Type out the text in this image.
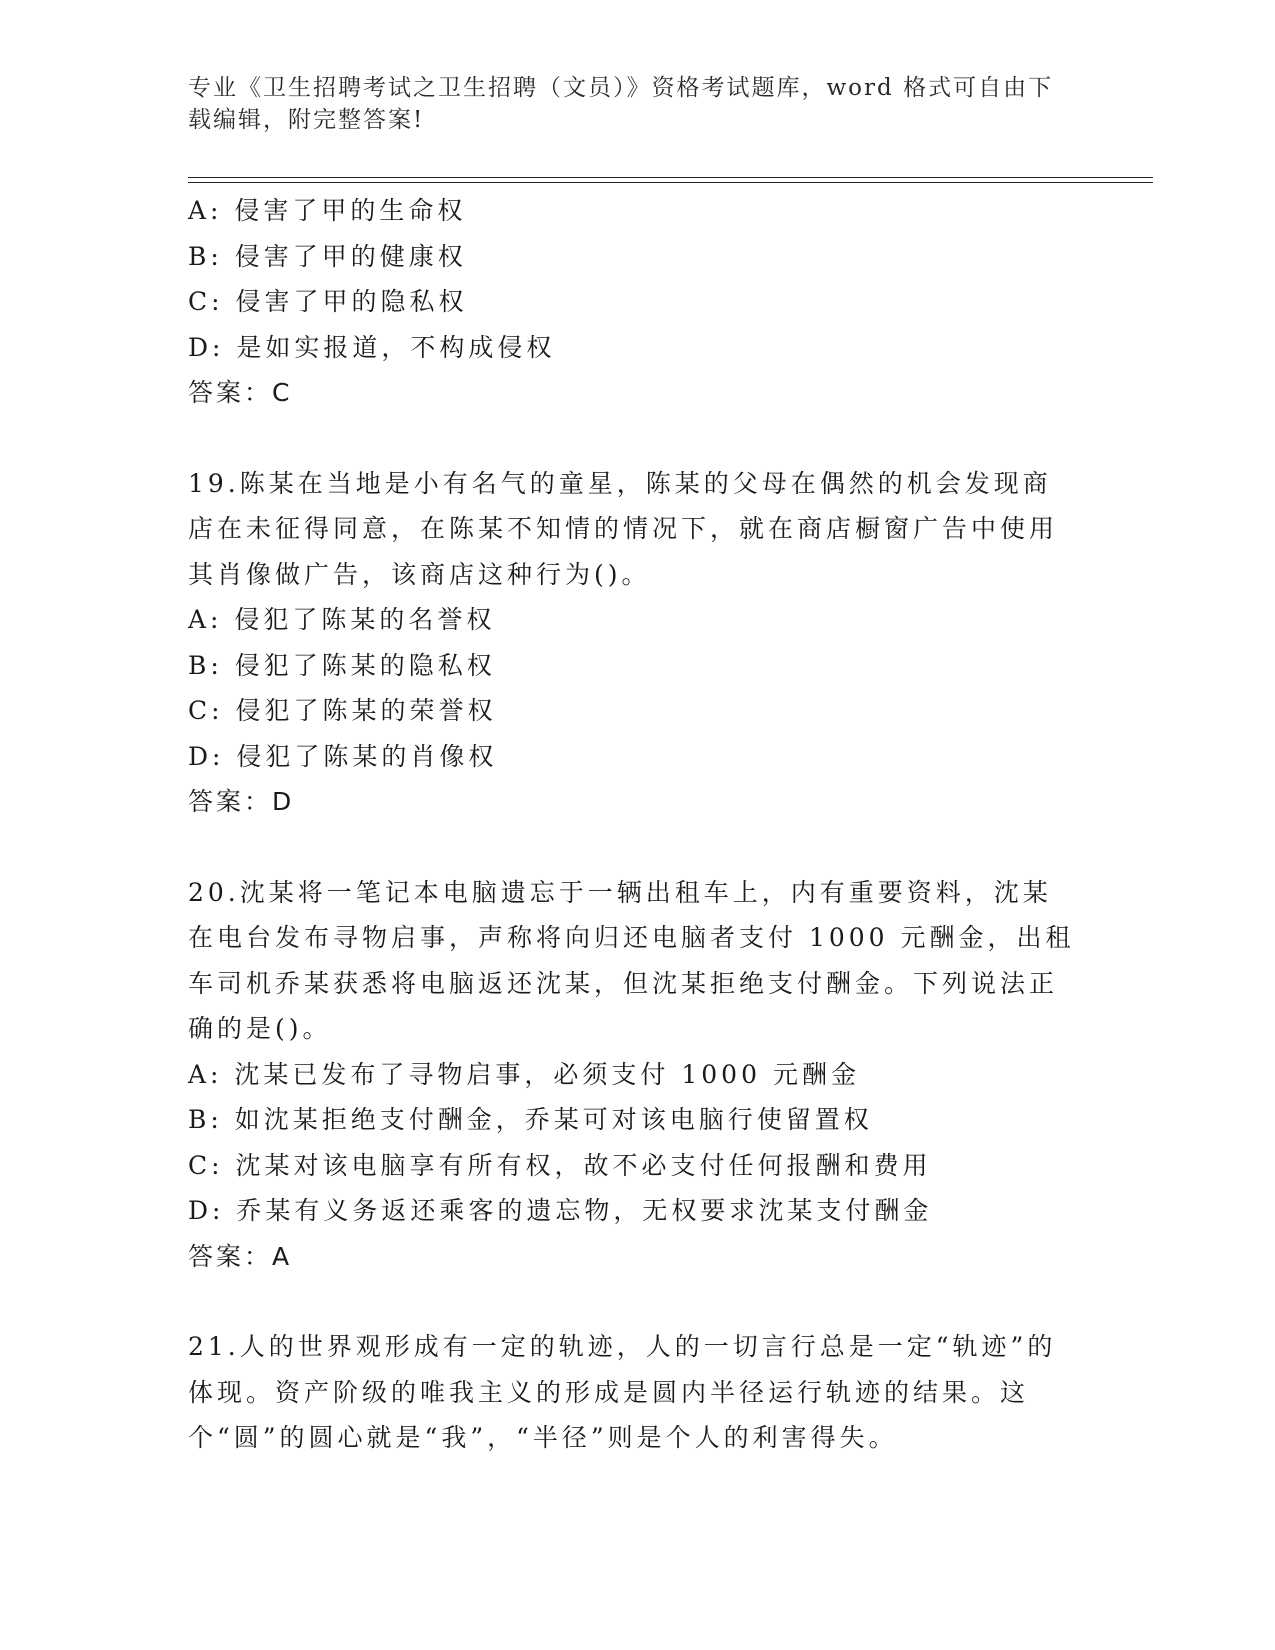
专业《卫生招聘考试之卫生招聘（文员）》资格考试题库，word 格式可自由下载编辑，附完整答案!
A: 侵害了甲的生命权
B: 侵害了甲的健康权
C: 侵害了甲的隐私权
D: 是如实报道，不构成侵权
答案：C
19.陈某在当地是小有名气的童星，陈某的父母在偶然的机会发现商店在未征得同意，在陈某不知情的情况下，就在商店橱窗广告中使用其肖像做广告，该商店这种行为()。
A: 侵犯了陈某的名誉权
B: 侵犯了陈某的隐私权
C: 侵犯了陈某的荣誉权
D: 侵犯了陈某的肖像权
答案：D
20.沈某将一笔记本电脑遗忘于一辆出租车上，内有重要资料，沈某在电台发布寻物启事，声称将向归还电脑者支付 1000 元酬金，出租车司机乔某获悉将电脑返还沈某，但沈某拒绝支付酬金。下列说法正确的是()。
A: 沈某已发布了寻物启事，必须支付 1000 元酬金
B: 如沈某拒绝支付酬金，乔某可对该电脑行使留置权
C: 沈某对该电脑享有所有权，故不必支付任何报酬和费用
D: 乔某有义务返还乘客的遗忘物，无权要求沈某支付酬金
答案：A
21.人的世界观形成有一定的轨迹，人的一切言行总是一定“轨迹”的体现。资产阶级的唯我主义的形成是圆内半径运行轨迹的结果。这个“圆”的圆心就是“我”，“半径”则是个人的利害得失。
